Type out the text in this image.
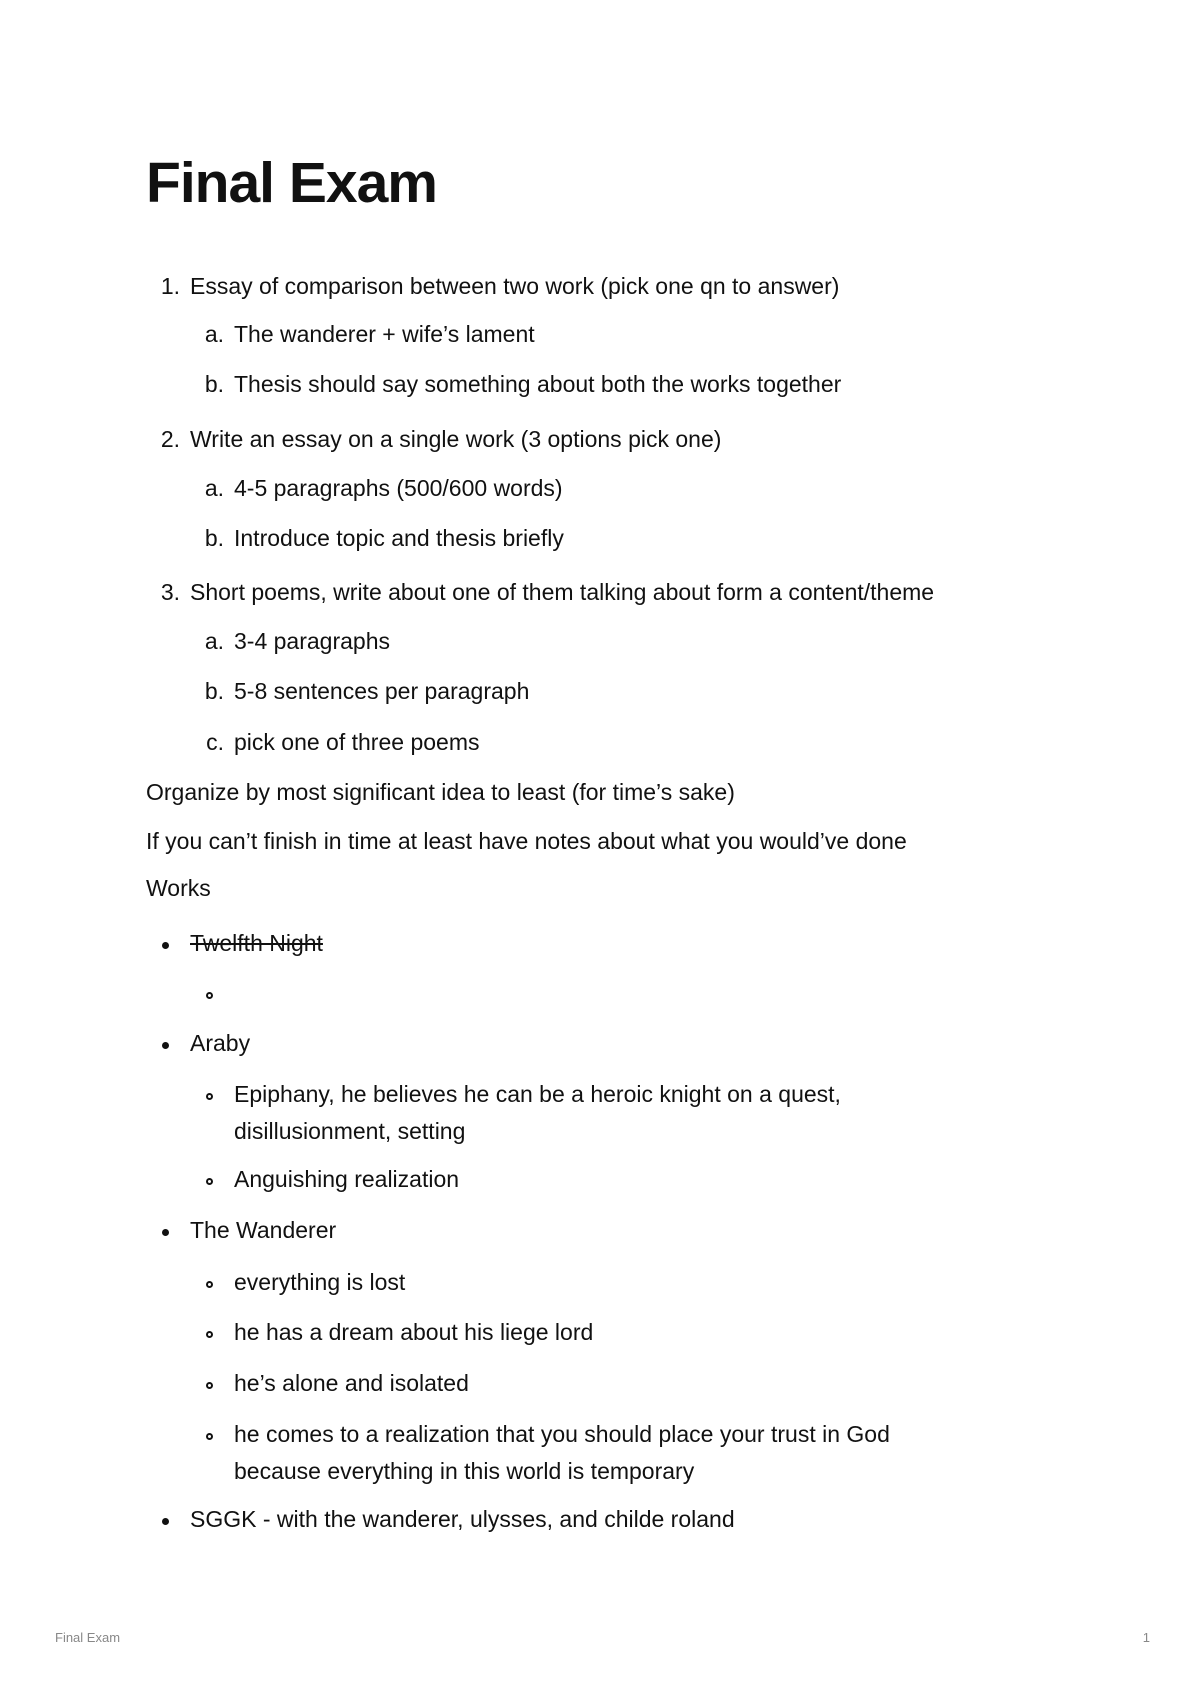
Final Exam
1. Essay of comparison between two work (pick one qn to answer)
a. The wanderer + wife’s lament
b. Thesis should say something about both the works together
2. Write an essay on a single work (3 options pick one)
a. 4-5 paragraphs (500/600 words)
b. Introduce topic and thesis briefly
3. Short poems, write about one of them talking about form a content/theme
a. 3-4 paragraphs
b. 5-8 sentences per paragraph
c. pick one of three poems
Organize by most significant idea to least (for time’s sake)
If you can’t finish in time at least have notes about what you would’ve done
Works
Twelfth Night
Araby
Epiphany, he believes he can be a heroic knight on a quest, disillusionment, setting
Anguishing realization
The Wanderer
everything is lost
he has a dream about his liege lord
he’s alone and isolated
he comes to a realization that you should place your trust in God because everything in this world is temporary
SGGK - with the wanderer, ulysses, and childe roland
Final Exam	1
